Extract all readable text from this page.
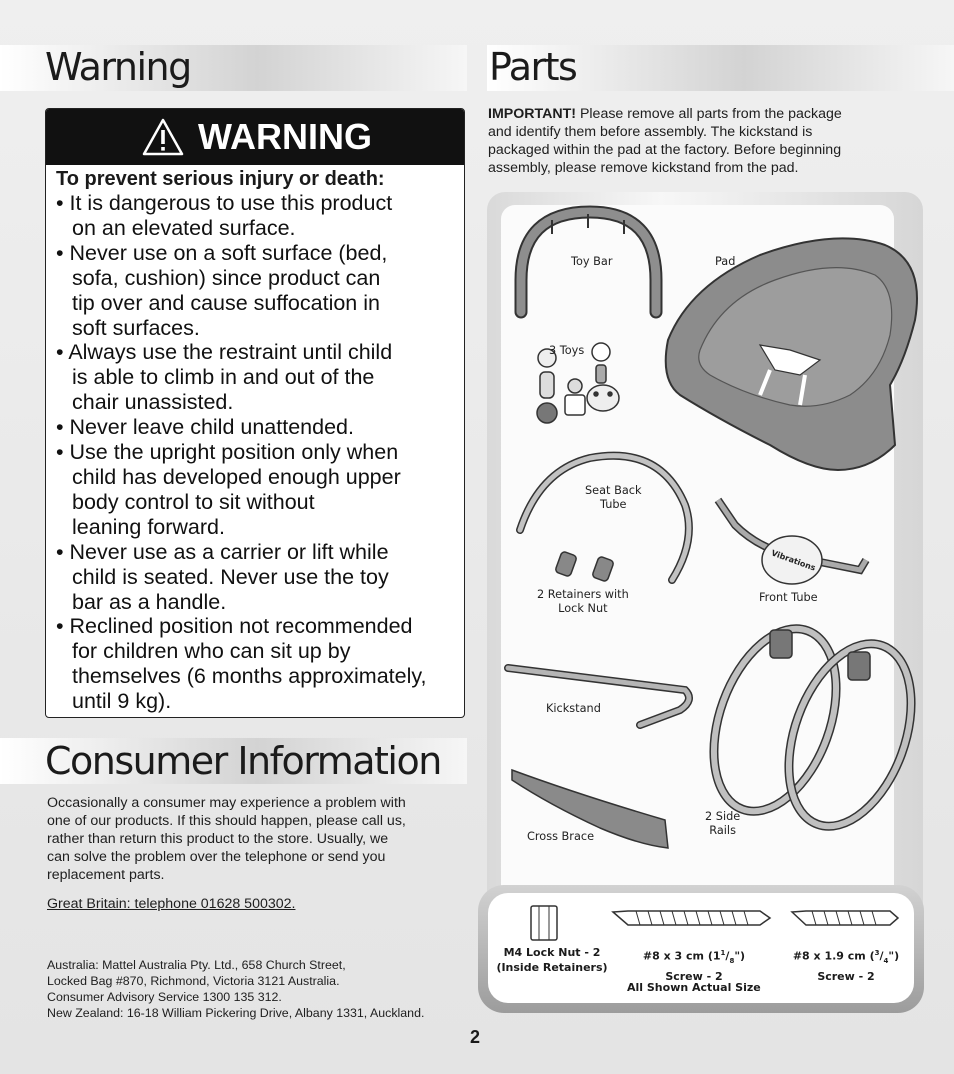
Warning	Parts
Consumer Information
WARNING
To prevent serious injury or death:
• It is dangerous to use this product
on an elevated surface.
• Never use on a soft surface (bed,
sofa, cushion) since product can
tip over and cause suffocation in
soft surfaces.
• Always use the restraint until child
is able to climb in and out of the
chair unassisted.
• Never leave child unattended.
• Use the upright position only when
child has developed enough upper
body control to sit without
leaning forward.
• Never use as a carrier or lift while
child is seated. Never use the toy
bar as a handle.
• Reclined position not recommended
for children who can sit up by
themselves (6 months approximately,
until 9 kg).
Occasionally a consumer may experience a problem with
one of our products. If this should happen, please call us,
rather than return this product to the store. Usually, we
can solve the problem over the telephone or send you
replacement parts.
Great Britain: telephone 01628 500302.
Australia: Mattel Australia Pty. Ltd., 658 Church Street,
Locked Bag #870, Richmond, Victoria 3121 Australia.
Consumer Advisory Service 1300 135 312.
New Zealand: 16-18 William Pickering Drive, Albany 1331, Auckland.
IMPORTANT! Please remove all parts from the package
and identify them before assembly. The kickstand is
packaged within the pad at the factory. Before beginning
assembly, please remove kickstand from the pad.
Toy Bar	Pad
3 Toys
Seat Back
Tube
Vibrations
2 Retainers with
Lock Nut
Front Tube
Kickstand
2 Side
Rails
Cross Brace
M4 Lock Nut - 2
(Inside Retainers)
#8 x 3 cm $(1^1/_8")$
Screw - 2
#8 x 1.9 cm $(^3/_4")$
Screw - 2
All Shown Actual Size
2
